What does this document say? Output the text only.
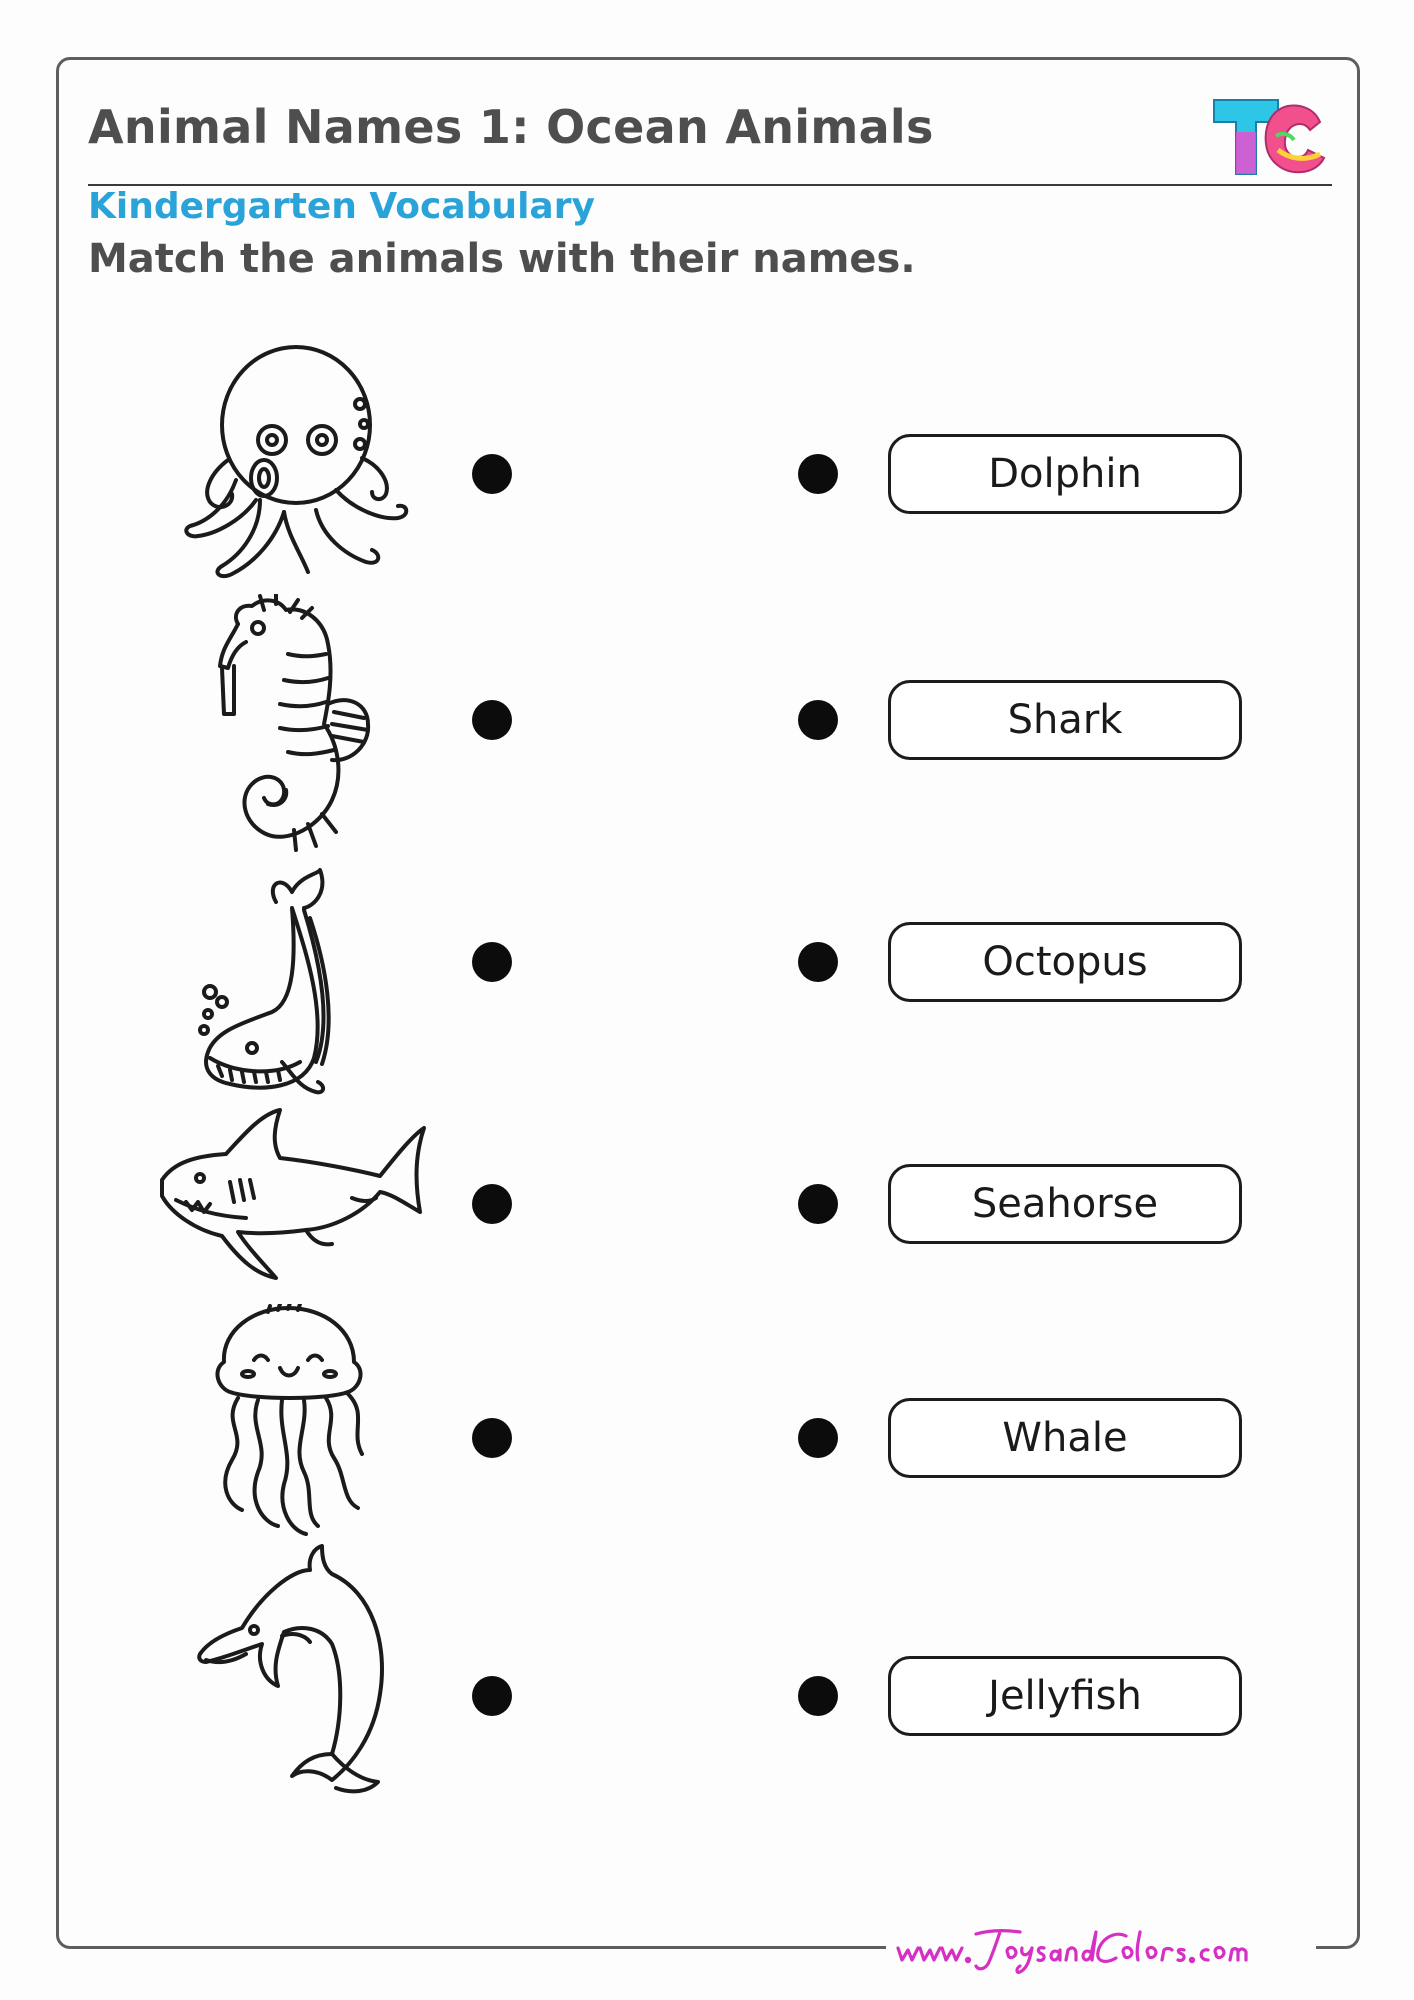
Animal Names 1: Ocean Animals
Kindergarten Vocabulary

Match the animals with their names.

Dolphin
Shark
Octopus
Seahorse
Whale
Jellyfish
